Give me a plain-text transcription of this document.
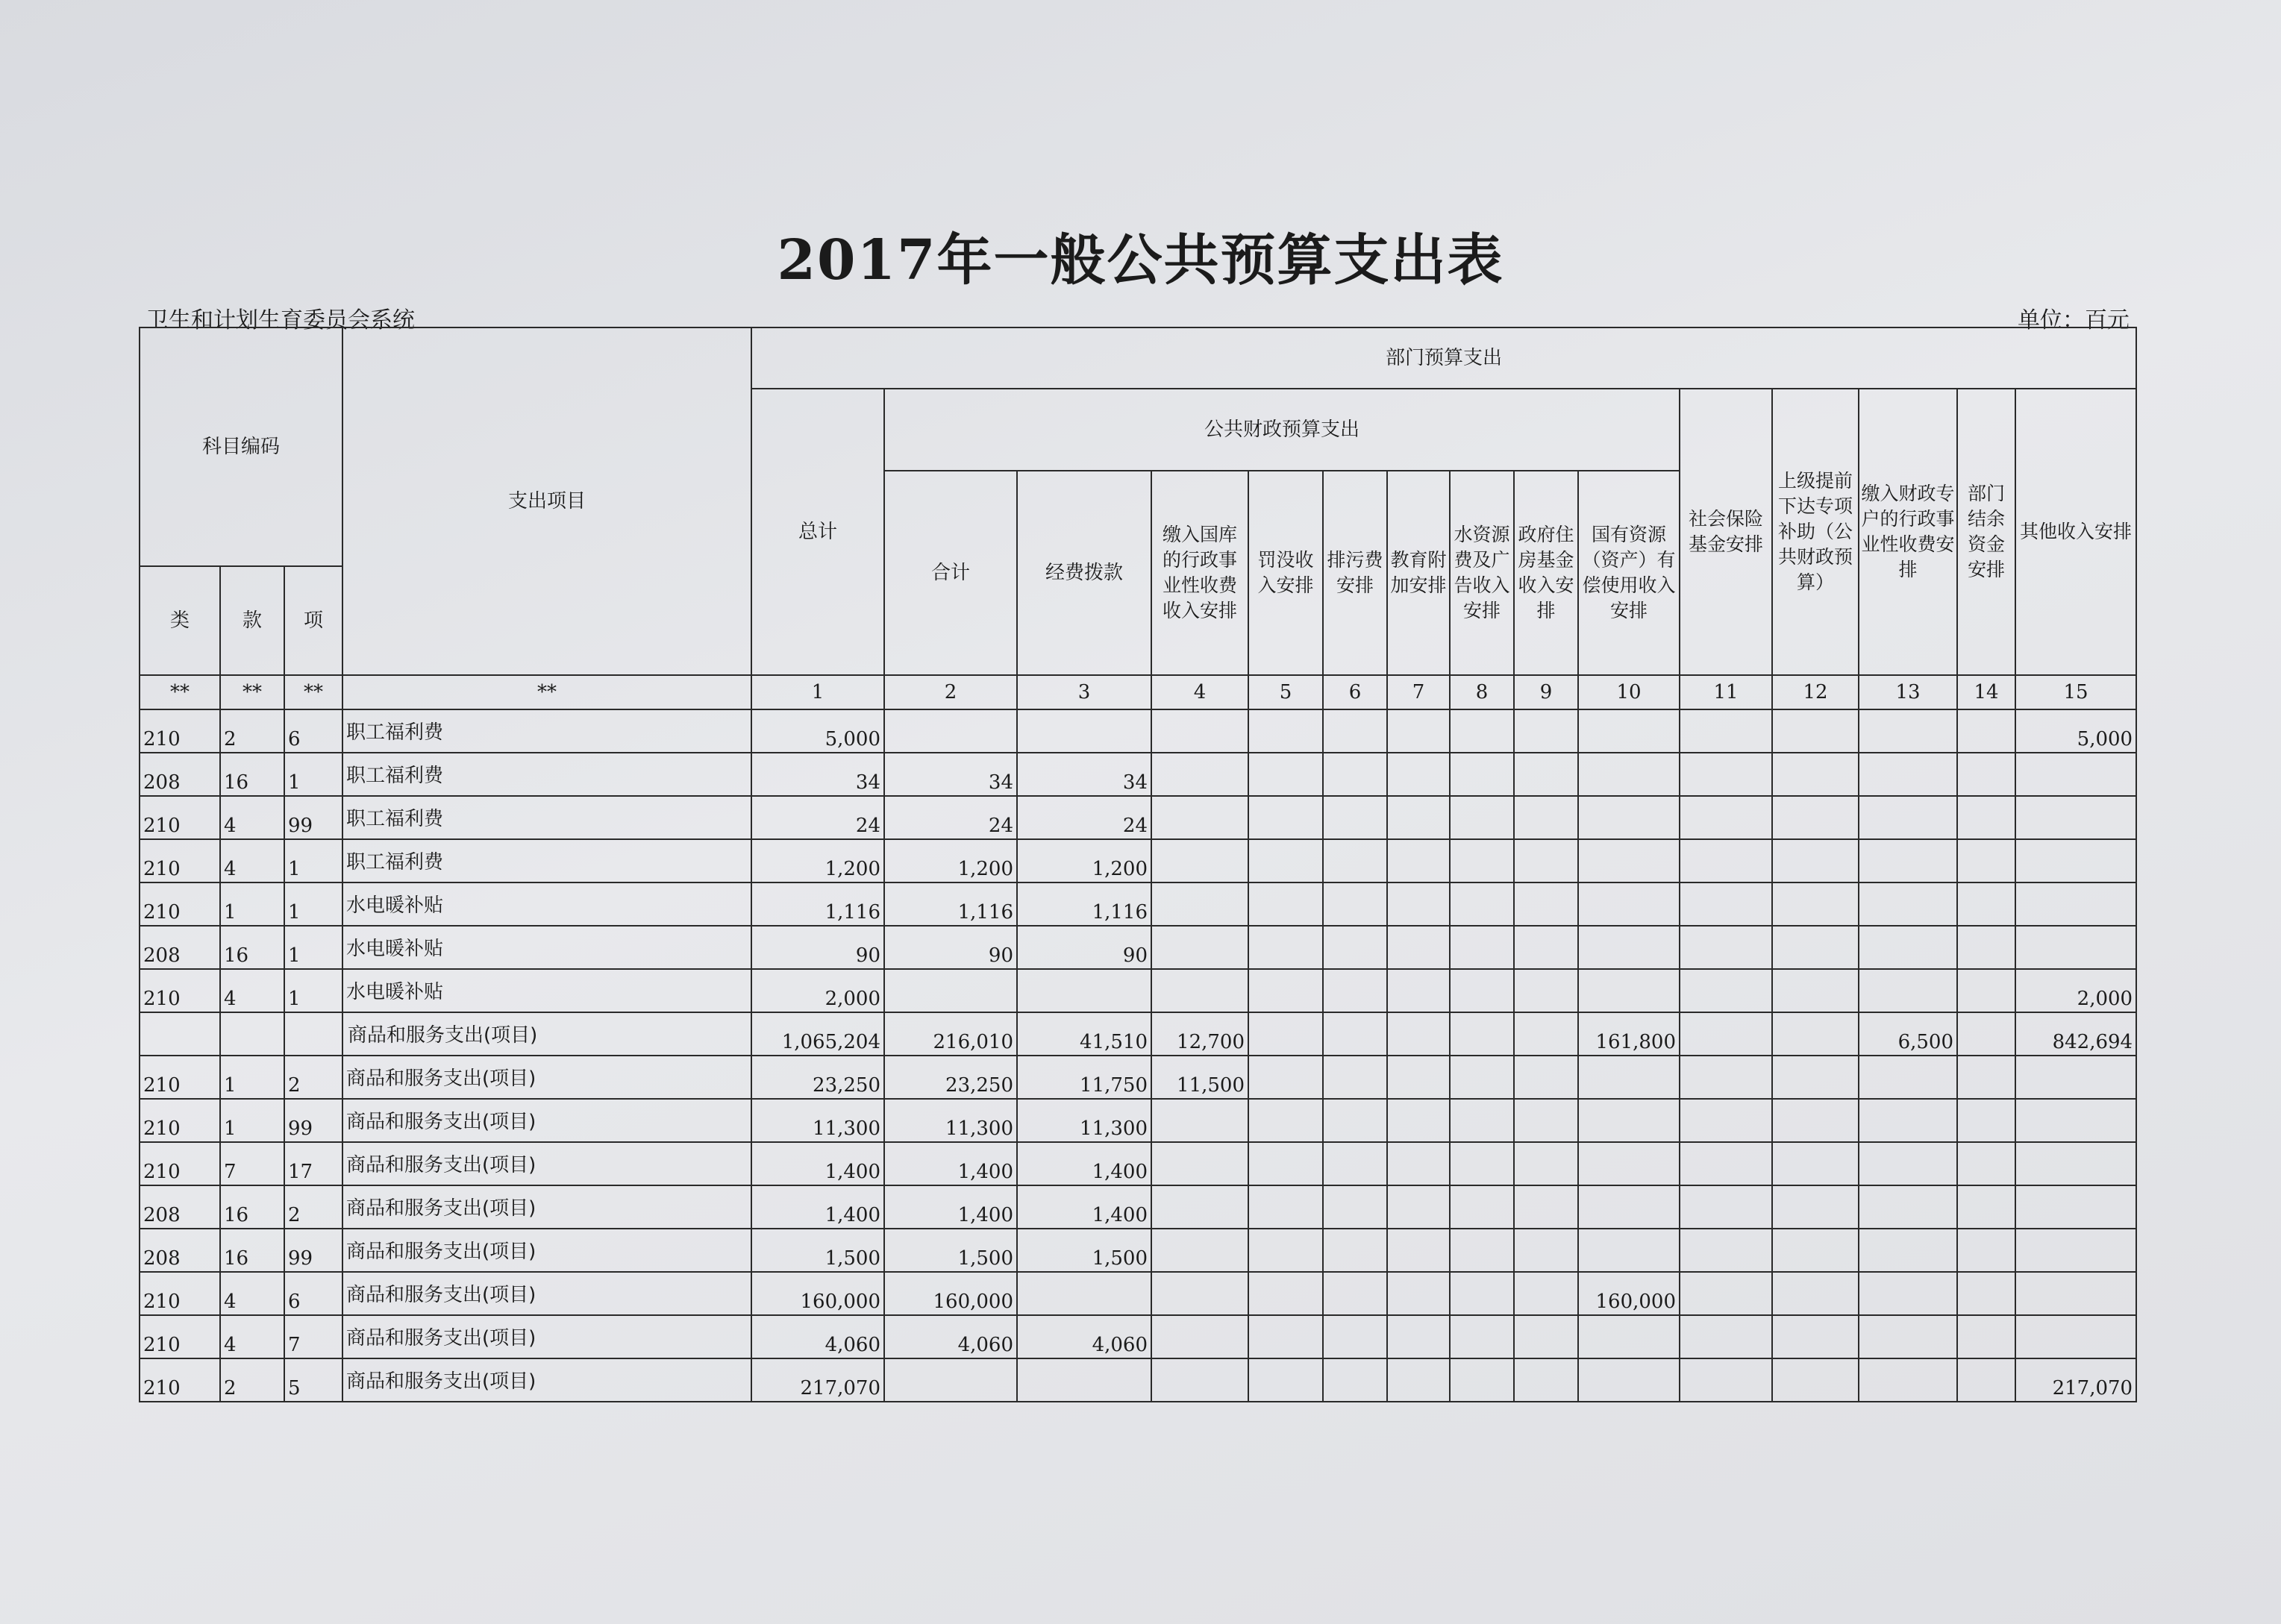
2017年一般公共预算支出表
卫生和计划生育委员会系统	单位：百元
科目编码			支出项目	部门预算支出														
				总计	公共财政预算支出									社会保险基金安排	上级提前下达专项补助（公共财政预算）	缴入财政专户的行政事业性收费安排	部门结余资金安排	其他收入安排
					合计	经费拨款	缴入国库的行政事业性收费收入安排	罚没收入安排	排污费安排	教育附加安排	水资源费及广告收入安排	政府住房基金收入安排	国有资源（资产）有偿使用收入安排					
类	款	项																
**	**	**	**	1	2	3	4	5	6	7	8	9	10	11	12	13	14	15
210	2	6	职工福利费	5,000														5,000
208	16	1	职工福利费	34	34	34												
210	4	99	职工福利费	24	24	24												
210	4	1	职工福利费	1,200	1,200	1,200												
210	1	1	水电暖补贴	1,116	1,116	1,116												
208	16	1	水电暖补贴	90	90	90												
210	4	1	水电暖补贴	2,000														2,000
			商品和服务支出(项目)	1,065,204	216,010	41,510	12,700						161,800			6,500		842,694
210	1	2	商品和服务支出(项目)	23,250	23,250	11,750	11,500											
210	1	99	商品和服务支出(项目)	11,300	11,300	11,300												
210	7	17	商品和服务支出(项目)	1,400	1,400	1,400												
208	16	2	商品和服务支出(项目)	1,400	1,400	1,400												
208	16	99	商品和服务支出(项目)	1,500	1,500	1,500												
210	4	6	商品和服务支出(项目)	160,000	160,000								160,000					
210	4	7	商品和服务支出(项目)	4,060	4,060	4,060												
210	2	5	商品和服务支出(项目)	217,070														217,070
